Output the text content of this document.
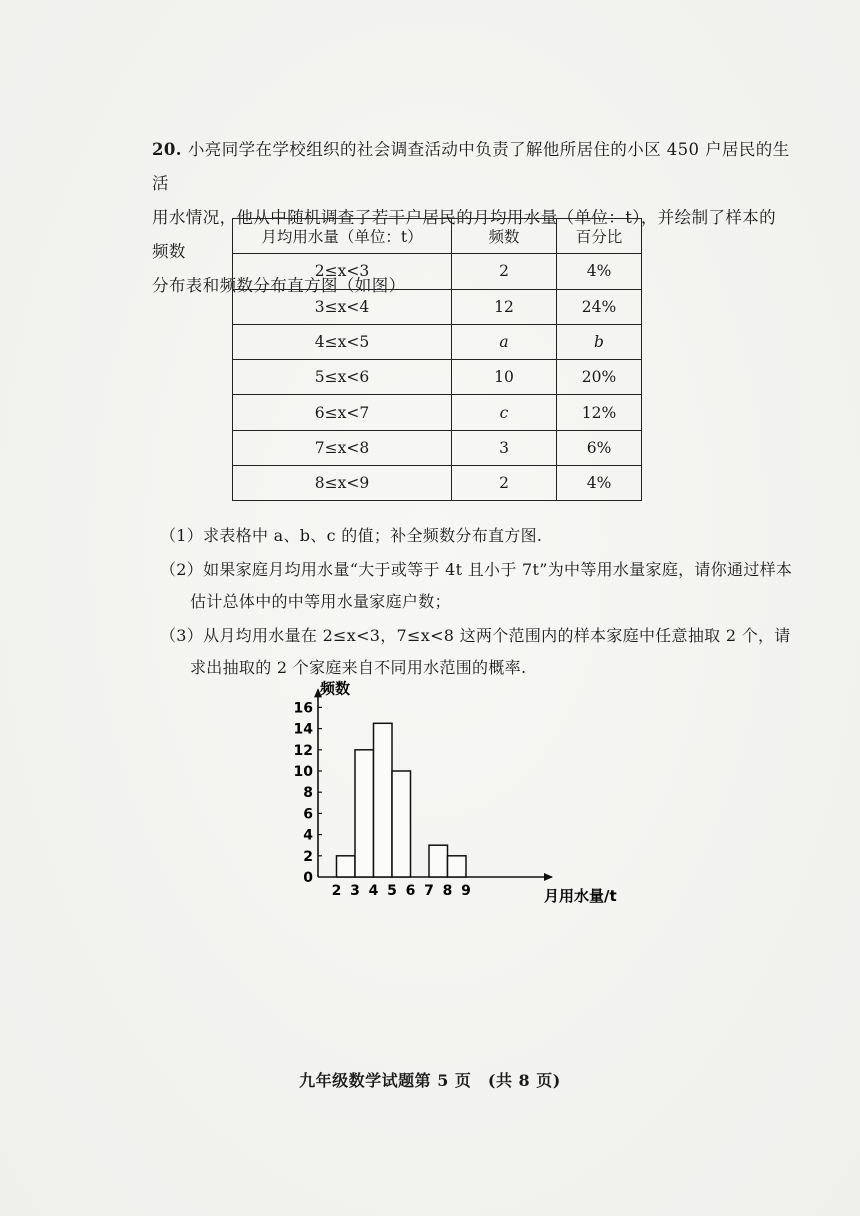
20. 小亮同学在学校组织的社会调查活动中负责了解他所居住的小区 450 户居民的生活

用水情况，他从中随机调查了若干户居民的月均用水量（单位：t），并绘制了样本的频数

分布表和频数分布直方图（如图）

月均用水量（单位：t）	频数	百分比
2≤x<3	2	4%
3≤x<4	12	24%
4≤x<5	a	b
5≤x<6	10	20%
6≤x<7	c	12%
7≤x<8	3	6%
8≤x<9	2	4%

（1）求表格中 a、b、c 的值；补全频数分布直方图.

（2）如果家庭月均用水量“大于或等于 4t 且小于 7t”为中等用水量家庭，请你通过样本

估计总体中的中等用水量家庭户数；

（3）从月均用水量在 2≤x<3，7≤x<8 这两个范围内的样本家庭中任意抽取 2 个，请

求出抽取的 2 个家庭来自不同用水范围的概率.

频数
月用水量/t
0
2
4
6
8
10
12
14
16
2 3 4 5 6 7 8 9
九年级数学试题第 5 页　(共 8 页)
